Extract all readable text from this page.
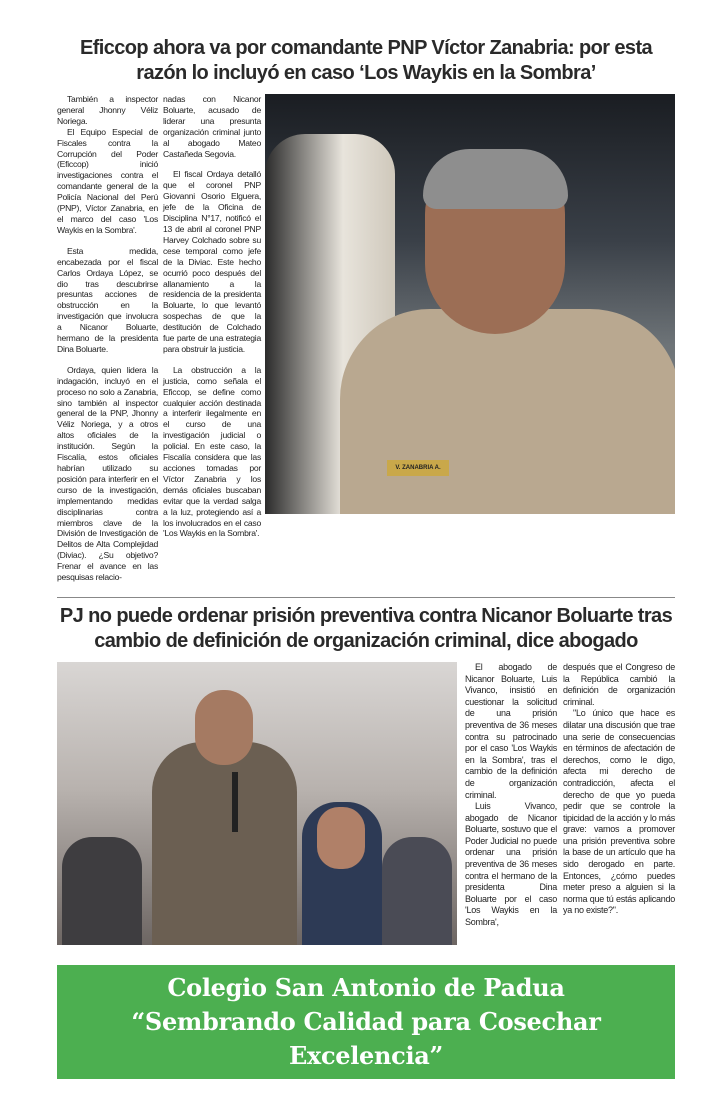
Eficcop ahora va por comandante PNP Víctor Zanabria: por esta razón lo incluyó en caso ‘Los Waykis en la Sombra’

También a inspector general Jhonny Véliz Noriega.

El Equipo Especial de Fiscales contra la Corrupción del Poder (Eficcop) inició investigaciones contra el comandante general de la Policía Nacional del Perú (PNP), Víctor Zanabria, en el marco del caso 'Los Waykis en la Sombra'.

Esta medida, encabezada por el fiscal Carlos Ordaya López, se dio tras descubrirse presuntas acciones de obstrucción en la investigación que involucra a Nicanor Boluarte, hermano de la presidenta Dina Boluarte.

Ordaya, quien lidera la indagación, incluyó en el proceso no solo a Zanabria, sino también al inspector general de la PNP, Jhonny Véliz Noriega, y a otros altos oficiales de la institución. Según la Fiscalía, estos oficiales habrían utilizado su posición para interferir en el curso de la investigación, implementando medidas disciplinarias contra miembros clave de la División de Investigación de Delitos de Alta Complejidad (Diviac). ¿Su objetivo? Frenar el avance en las pesquisas relacio-

nadas con Nicanor Boluarte, acusado de liderar una presunta organización criminal junto al abogado Mateo Castañeda Segovia.

El fiscal Ordaya detalló que el coronel PNP Giovanni Osorio Elguera, jefe de la Oficina de Disciplina N°17, notificó el 13 de abril al coronel PNP Harvey Colchado sobre su cese temporal como jefe de la Diviac. Este hecho ocurrió poco después del allanamiento a la residencia de la presidenta Boluarte, lo que levantó sospechas de que la destitución de Colchado fue parte de una estrategia para obstruir la justicia.

La obstrucción a la justicia, como señala el Eficcop, se define como cualquier acción destinada a interferir ilegalmente en el curso de una investigación judicial o policial. En este caso, la Fiscalía considera que las acciones tomadas por Víctor Zanabria y los demás oficiales buscaban evitar que la verdad salga a la luz, protegiendo así a los involucrados en el caso 'Los Waykis en la Sombra'.

V. ZANABRIA A.
PJ no puede ordenar prisión preventiva contra Nicanor Boluarte tras cambio de definición de organización criminal, dice abogado

El abogado de Nicanor Boluarte, Luis Vivanco, insistió en cuestionar la solicitud de una prisión preventiva de 36 meses contra su patrocinado por el caso 'Los Waykis en la Sombra', tras el cambio de la definición de organización criminal.

Luis Vivanco, abogado de Nicanor Boluarte, sostuvo que el Poder Judicial no puede ordenar una prisión preventiva de 36 meses contra el hermano de la presidenta Dina Boluarte por el caso 'Los Waykis en la Sombra',

después que el Congreso de la República cambió la definición de organización criminal.

"Lo único que hace es dilatar una discusión que trae una serie de consecuencias en términos de afectación de derechos, como le digo, afecta mi derecho de contradicción, afecta el derecho de que yo pueda pedir que se controle la tipicidad de la acción y lo más grave: vamos a promover una prisión preventiva sobre la base de un artículo que ha sido derogado en parte. Entonces, ¿cómo puedes meter preso a alguien si la norma que tú estás aplicando ya no existe?".

Colegio San Antonio de Padua
“Sembrando Calidad para Cosechar Excelencia”
